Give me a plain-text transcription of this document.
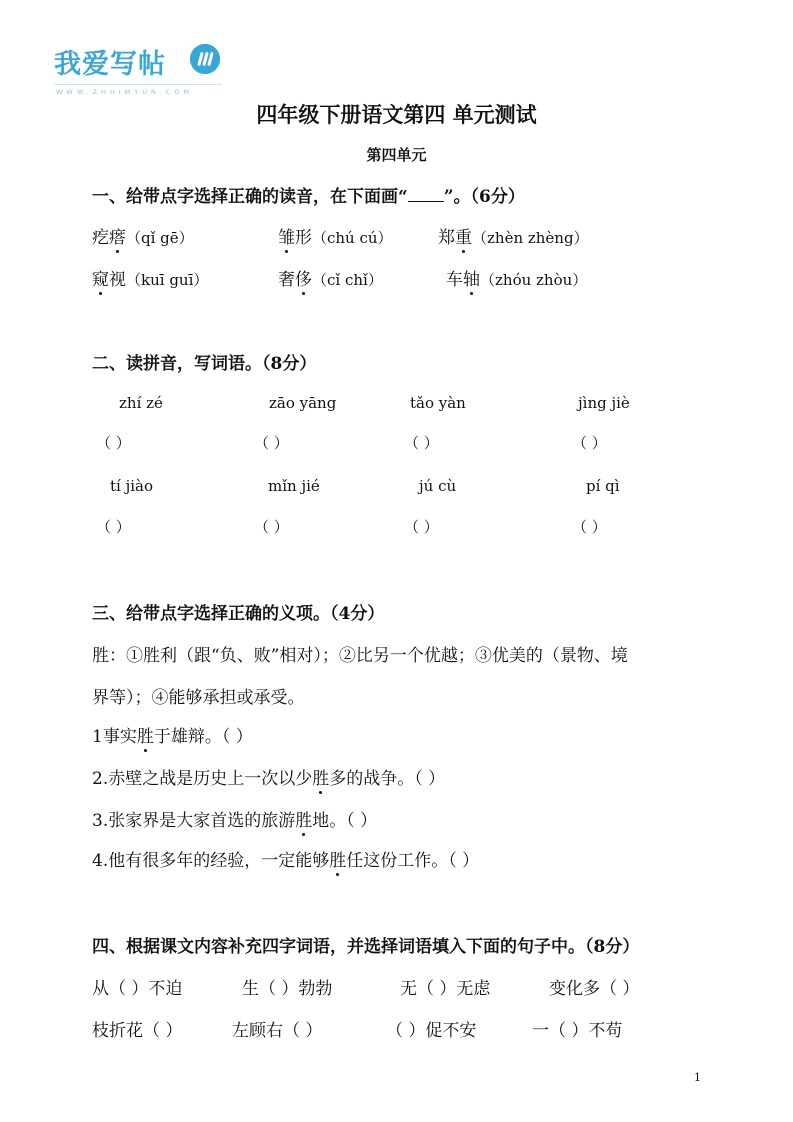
我爱写帖
WWW.ZHUIMYUN.COM
四年级下册语文第四 单元测试
第四单元
一、给带点字选择正确的读音，在下面画“ ”。（6分）
疙瘩（qǐ gē）	雏形（chú cú）	郑重（zhèn zhèng）
窥视（kuī guī）	奢侈（cǐ chǐ）	车轴（zhóu zhòu）
二、读拼音，写词语。（8分）
zhí zé	zāo yāng	tǎo yàn	jìng jiè
（ ）	（ ）	（ ）	（ ）
tí jiào	mǐn jié	jú cù	pí qì
（ ）	（ ）	（ ）	（ ）
三、给带点字选择正确的义项。（4分）
胜：①胜利（跟“负、败”相对）；②比另一个优越；③优美的（景物、境
界等）；④能够承担或承受。
1事实胜于雄辩。（ ）
2.赤壁之战是历史上一次以少胜多的战争。（ ）
3.张家界是大家首选的旅游胜地。（ ）
4.他有很多年的经验，一定能够胜任这份工作。（ ）
四、根据课文内容补充四字词语，并选择词语填入下面的句子中。（8分）
从（ ）不迫	生（ ）勃勃	无（ ）无虑	变化多（ ）
枝折花（ ）	左顾右（ ）	（ ）促不安	一（ ）不苟
1
